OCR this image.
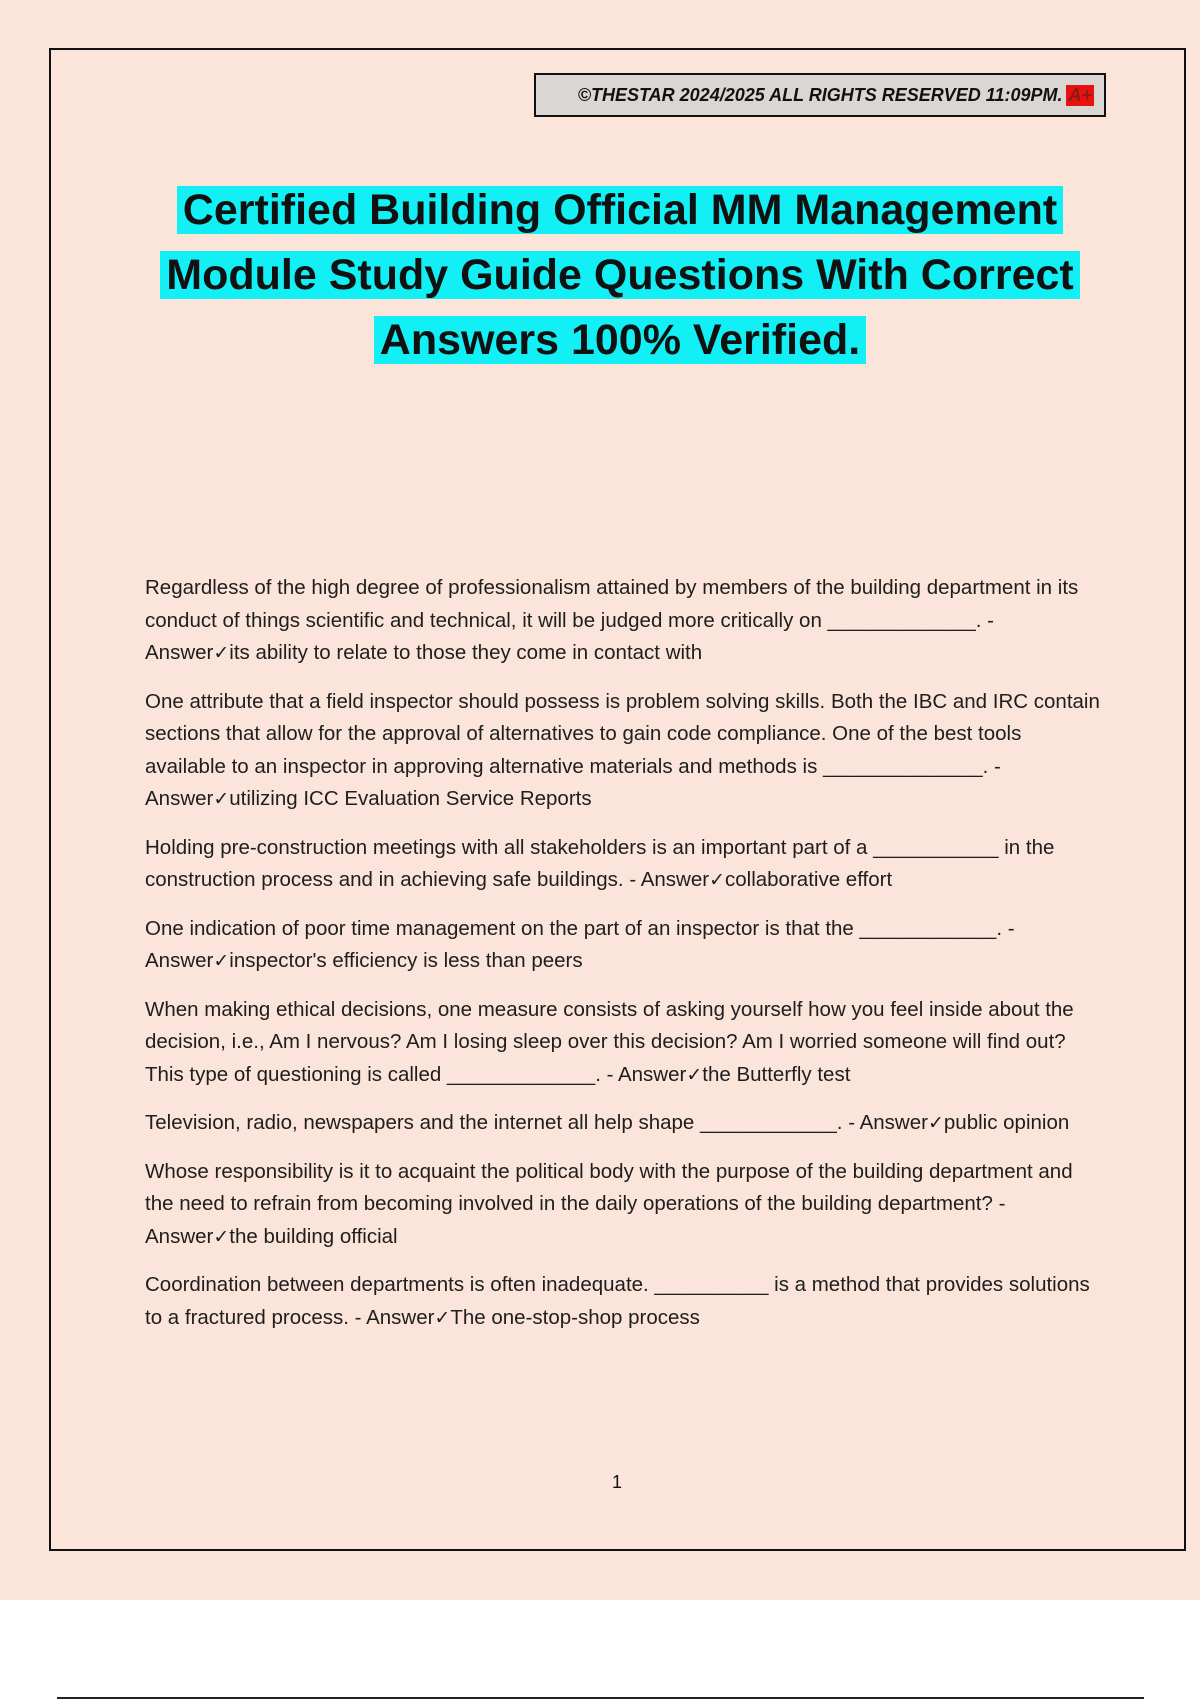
©THESTAR 2024/2025 ALL RIGHTS RESERVED 11:09PM. A+
Certified Building Official MM Management
Module Study Guide Questions With Correct
Answers 100% Verified.

Regardless of the high degree of professionalism attained by members of the building department in its conduct of things scientific and technical, it will be judged more critically on _____________. - Answer✓its ability to relate to those they come in contact with

One attribute that a field inspector should possess is problem solving skills. Both the IBC and IRC contain sections that allow for the approval of alternatives to gain code compliance. One of the best tools available to an inspector in approving alternative materials and methods is ______________. - Answer✓utilizing ICC Evaluation Service Reports

Holding pre-construction meetings with all stakeholders is an important part of a ___________ in the construction process and in achieving safe buildings. - Answer✓collaborative effort

One indication of poor time management on the part of an inspector is that the ____________. - Answer✓inspector's efficiency is less than peers

When making ethical decisions, one measure consists of asking yourself how you feel inside about the decision, i.e., Am I nervous? Am I losing sleep over this decision? Am I worried someone will find out? This type of questioning is called _____________. - Answer✓the Butterfly test

Television, radio, newspapers and the internet all help shape ____________. - Answer✓public opinion

Whose responsibility is it to acquaint the political body with the purpose of the building department and the need to refrain from becoming involved in the daily operations of the building department? - Answer✓the building official

Coordination between departments is often inadequate. __________ is a method that provides solutions to a fractured process. - Answer✓The one-stop-shop process

1
